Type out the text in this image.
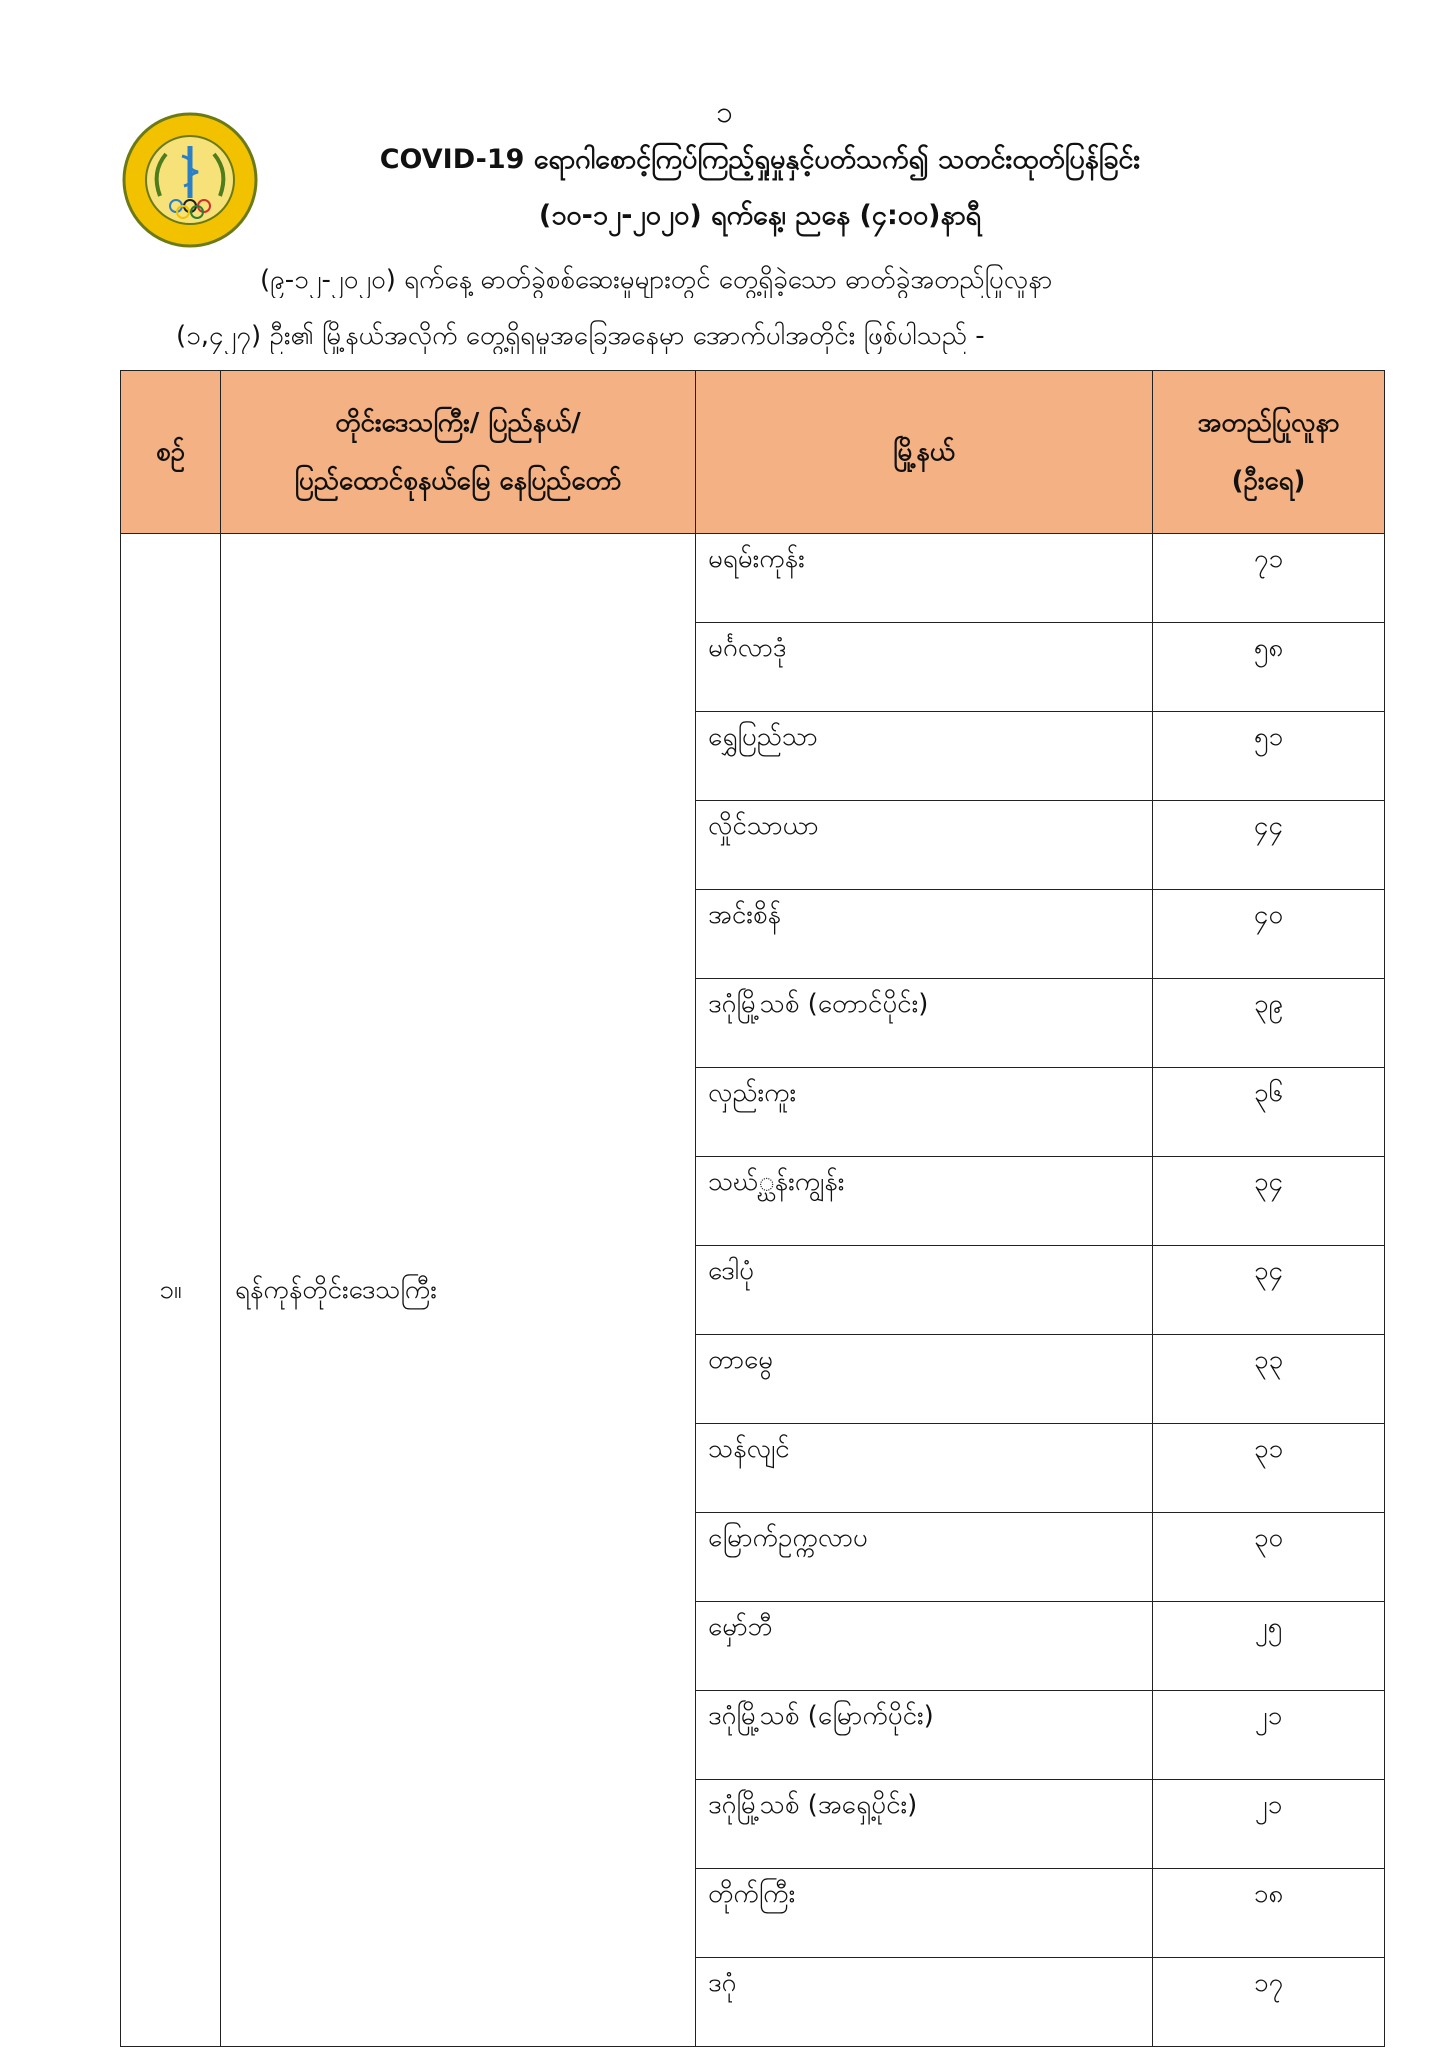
၁
COVID-19 ရောဂါစောင့်ကြပ်ကြည့်ရှုမှုနှင့်ပတ်သက်၍ သတင်းထုတ်ပြန်ခြင်း
(၁၀-၁၂-၂၀၂၀) ရက်နေ့၊ ညနေ (၄:၀၀)နာရီ
(၉-၁၂-၂၀၂၀) ရက်နေ့ ဓာတ်ခွဲစစ်ဆေးမှုများတွင် တွေ့ရှိခဲ့သော ဓာတ်ခွဲအတည်ပြုလူနာ
(၁,၄၂၇) ဦး၏ မြို့နယ်အလိုက် တွေ့ရှိရမှုအခြေအနေမှာ အောက်ပါအတိုင်း ဖြစ်ပါသည် -
စဉ်	တိုင်းဒေသကြီး/ ပြည်နယ်/
ပြည်ထောင်စုနယ်မြေ နေပြည်တော်	မြို့နယ်	အတည်ပြုလူနာ
(ဦးရေ)

၁။	ရန်ကုန်တိုင်းဒေသကြီး	မရမ်းကုန်း	၇၁
		မင်္ဂလာဒုံ	၅၈
		ရွှေပြည်သာ	၅၁
		လှိုင်သာယာ	၄၄
		အင်းစိန်	၄၀
		ဒဂုံမြို့သစ် (တောင်ပိုင်း)	၃၉
		လှည်းကူး	၃၆
		သဃ်္ဃန်းကျွန်း	၃၄
		ဒေါပုံ	၃၄
		တာမွေ	၃၃
		သန်လျင်	၃၁
		မြောက်ဥက္ကလာပ	၃၀
		မှော်ဘီ	၂၅
		ဒဂုံမြို့သစ် (မြောက်ပိုင်း)	၂၁
		ဒဂုံမြို့သစ် (အရှေ့ပိုင်း)	၂၁
		တိုက်ကြီး	၁၈
		ဒဂုံ	၁၇
